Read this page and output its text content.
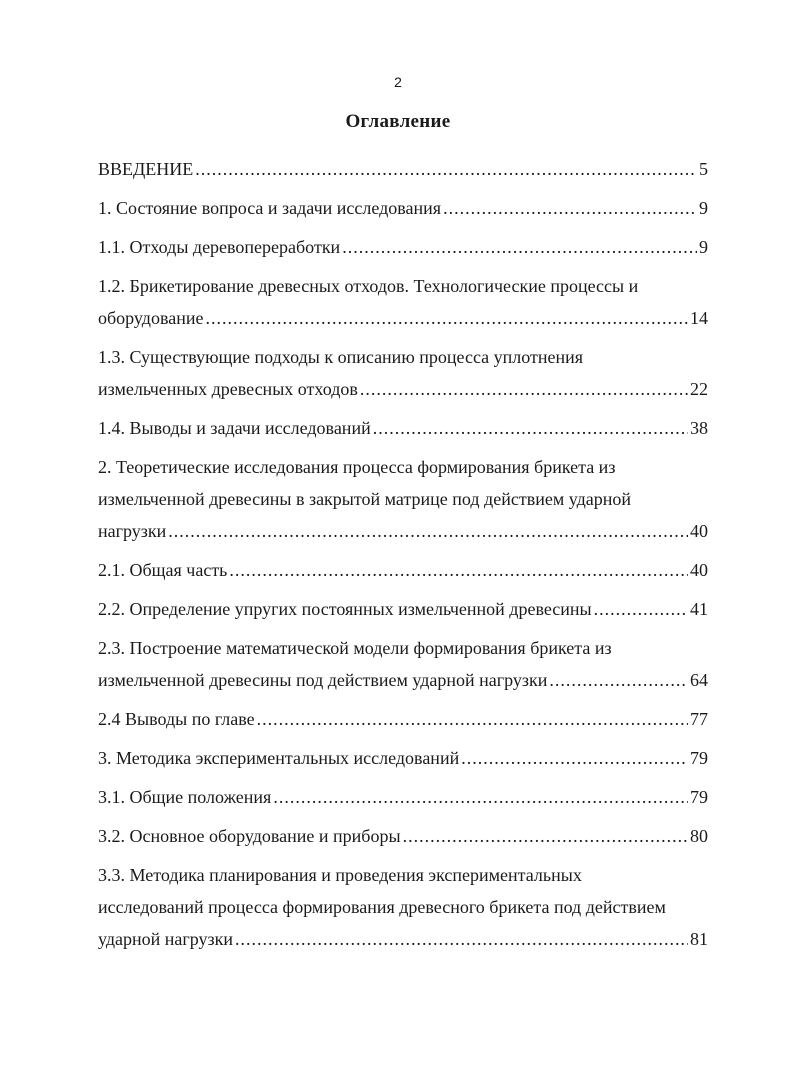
2
Оглавление
ВВЕДЕНИЕ .....	5
1. Состояние вопроса и задачи исследования .....	9
1.1. Отходы деревопереработки .....	9
1.2. Брикетирование древесных отходов. Технологические процессы и
оборудование .....	14
1.3. Существующие подходы к описанию процесса уплотнения
измельченных древесных отходов .....	22
1.4. Выводы и задачи исследований .....	38
2. Теоретические исследования процесса формирования брикета из
измельченной древесины в закрытой матрице под действием ударной
нагрузки .....	40
2.1. Общая часть .....	40
2.2. Определение упругих постоянных измельченной древесины .....	41
2.3. Построение математической модели формирования брикета из
измельченной древесины под действием ударной нагрузки .....	64
2.4 Выводы по главе .....	77
3. Методика экспериментальных исследований .....	79
3.1. Общие положения .....	79
3.2. Основное оборудование и приборы .....	80
3.3. Методика планирования и проведения экспериментальных
исследований процесса формирования древесного брикета под действием
ударной нагрузки .....	81
